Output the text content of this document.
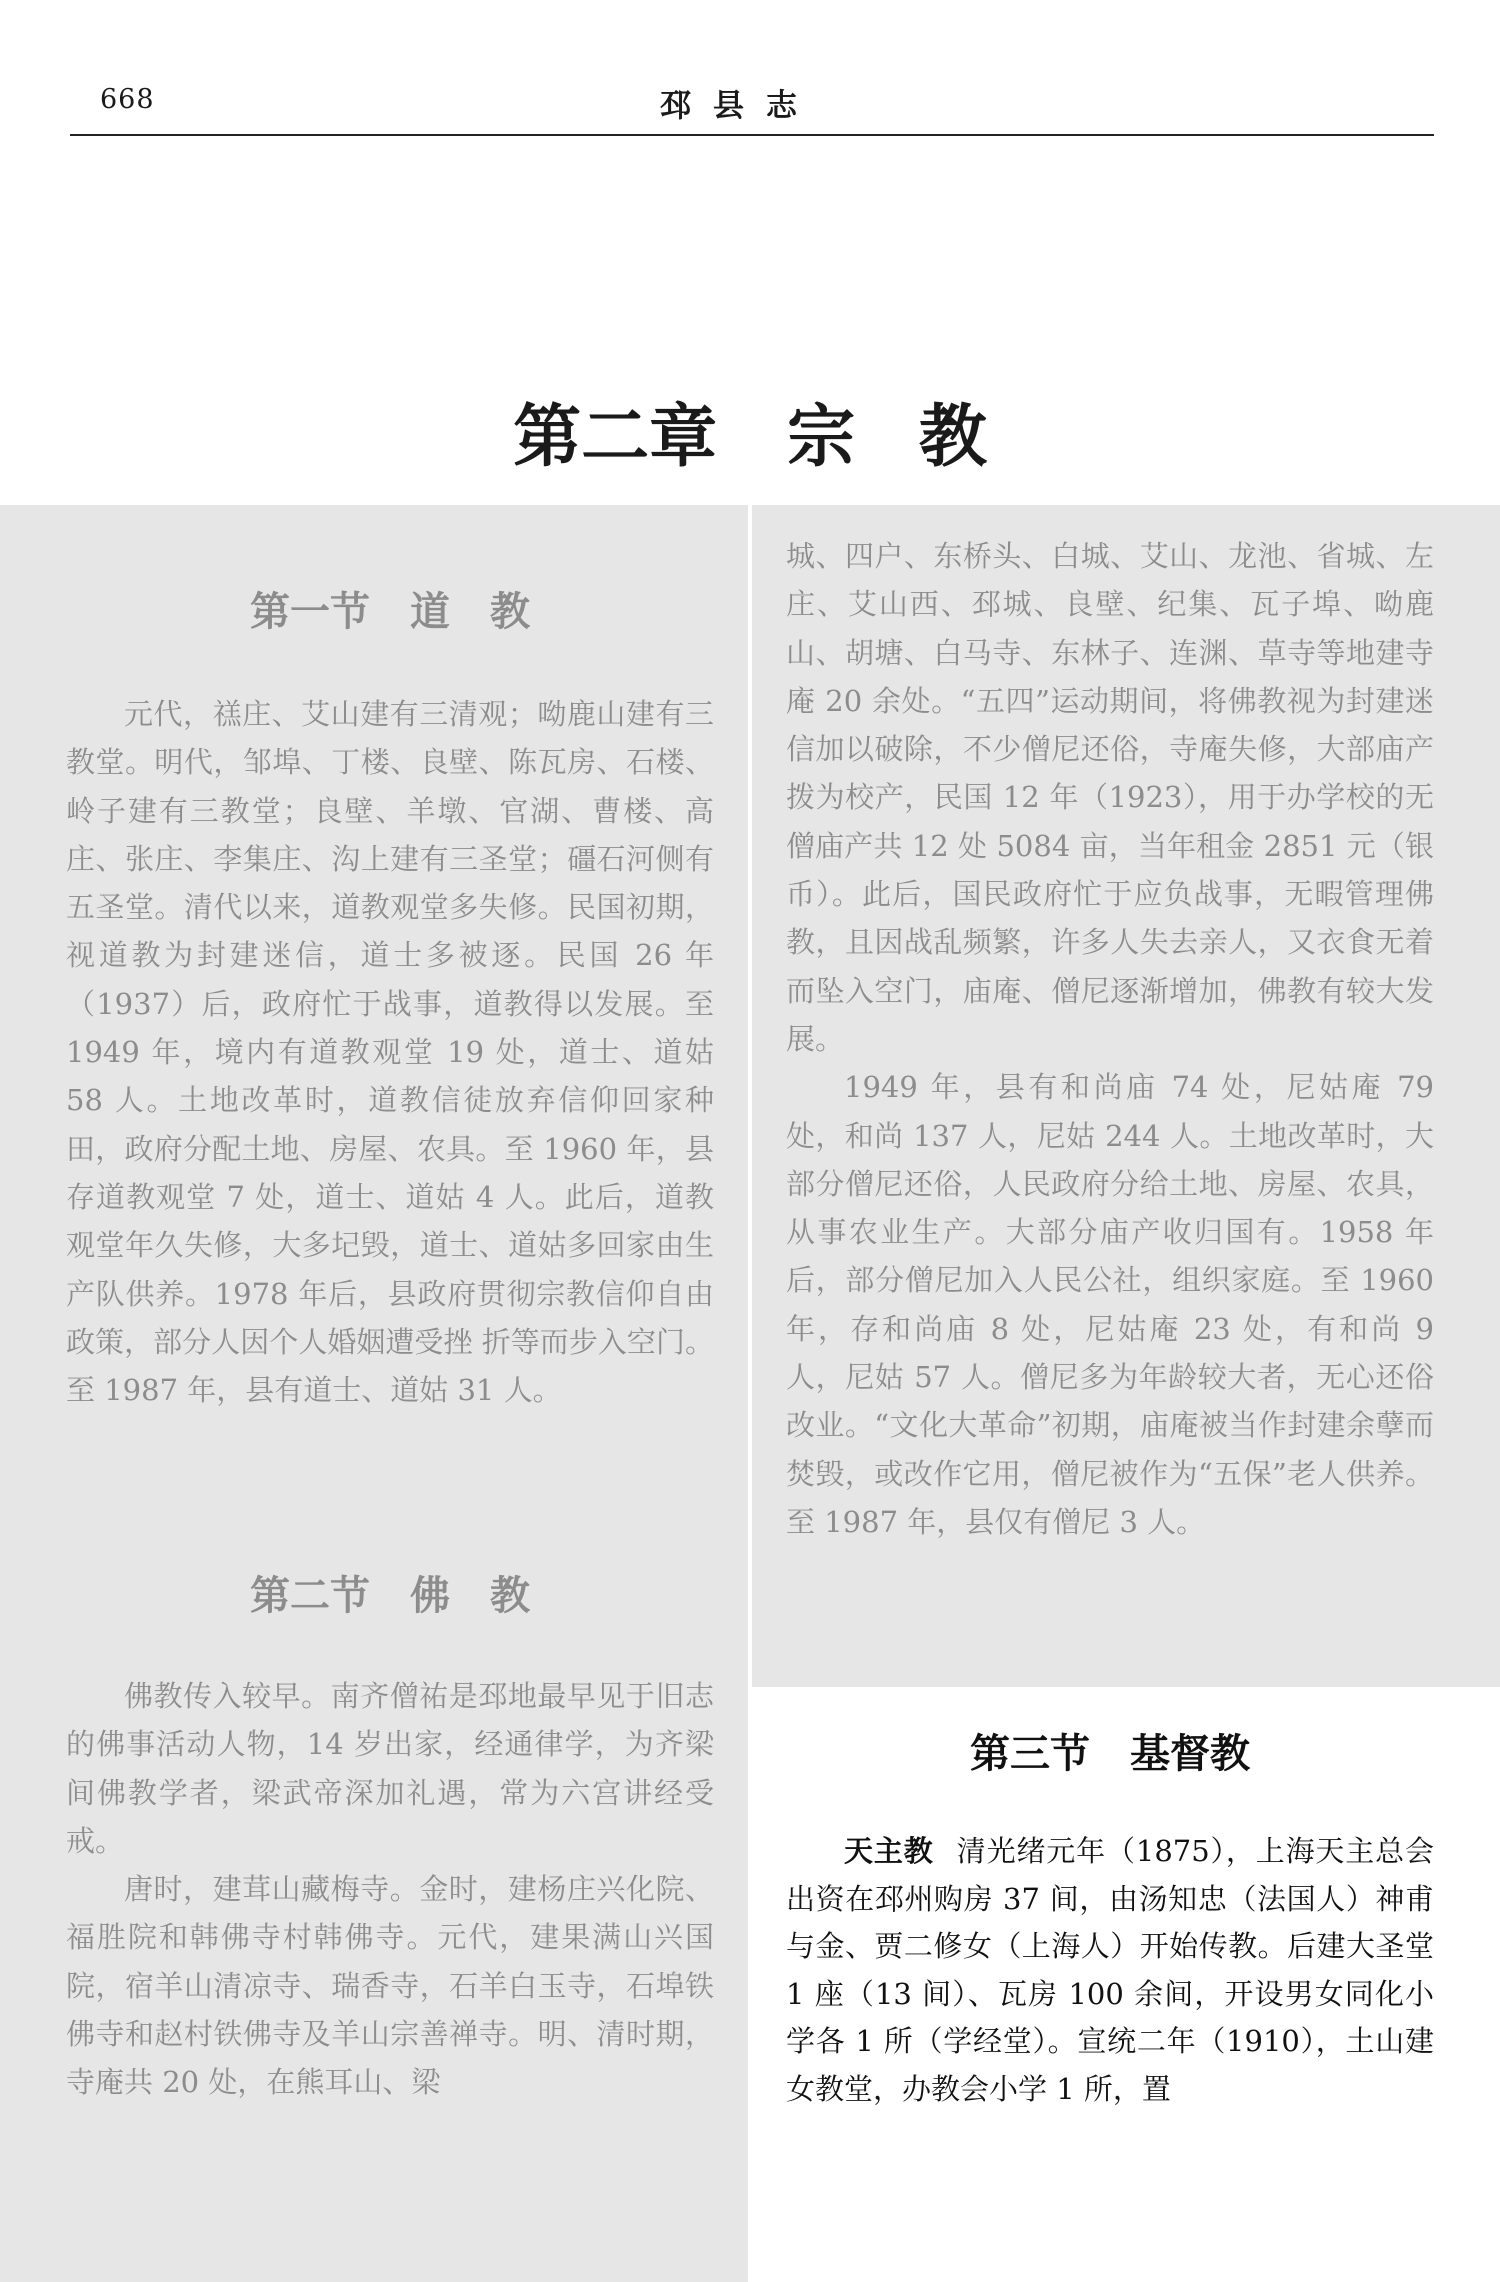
668	邳县志
第二章 宗 教
第一节　道　教

元代，禚庄、艾山建有三清观；呦鹿山建有三教堂。明代，邹埠、丁楼、良壁、陈瓦房、石楼、岭子建有三教堂；良壁、羊墩、官湖、曹楼、高庄、张庄、李集庄、沟上建有三圣堂；礓石河侧有五圣堂。清代以来，道教观堂多失修。民国初期，视道教为封建迷信，道士多被逐。民国 26 年（1937）后，政府忙于战事，道教得以发展。至 1949 年，境内有道教观堂 19 处，道士、道姑 58 人。土地改革时，道教信徒放弃信仰回家种田，政府分配土地、房屋、农具。至 1960 年，县存道教观堂 7 处，道士、道姑 4 人。此后，道教观堂年久失修，大多圮毁，道士、道姑多回家由生产队供养。1978 年后，县政府贯彻宗教信仰自由政策，部分人因个人婚姻遭受挫 折等而步入空门。至 1987 年，县有道士、道姑 31 人。

第二节　佛　教

佛教传入较早。南齐僧祐是邳地最早见于旧志的佛事活动人物，14 岁出家，经通律学，为齐梁间佛教学者，梁武帝深加礼遇，常为六宫讲经受戒。

唐时，建茸山藏梅寺。金时，建杨庄兴化院、福胜院和韩佛寺村韩佛寺。元代，建果满山兴国院，宿羊山清凉寺、瑞香寺，石羊白玉寺，石埠铁佛寺和赵村铁佛寺及羊山宗善禅寺。明、清时期，寺庵共 20 处，在熊耳山、梁

城、四户、东桥头、白城、艾山、龙池、省城、左庄、艾山西、邳城、良壁、纪集、瓦子埠、呦鹿山、胡塘、白马寺、东林子、连渊、草寺等地建寺庵 20 余处。“五四”运动期间，将佛教视为封建迷信加以破除，不少僧尼还俗，寺庵失修，大部庙产拨为校产，民国 12 年（1923），用于办学校的无僧庙产共 12 处 5084 亩，当年租金 2851 元（银币）。此后，国民政府忙于应负战事，无暇管理佛教，且因战乱频繁，许多人失去亲人，又衣食无着而坠入空门，庙庵、僧尼逐渐增加，佛教有较大发展。

1949 年，县有和尚庙 74 处，尼姑庵 79 处，和尚 137 人，尼姑 244 人。土地改革时，大部分僧尼还俗，人民政府分给土地、房屋、农具，从事农业生产。大部分庙产收归国有。1958 年后，部分僧尼加入人民公社，组织家庭。至 1960 年，存和尚庙 8 处，尼姑庵 23 处，有和尚 9 人，尼姑 57 人。僧尼多为年龄较大者，无心还俗改业。“文化大革命”初期，庙庵被当作封建余孽而焚毁，或改作它用，僧尼被作为“五保”老人供养。至 1987 年，县仅有僧尼 3 人。

第三节　基督教

天主教 清光绪元年（1875），上海天主总会出资在邳州购房 37 间，由汤知忠（法国人）神甫与金、贾二修女（上海人）开始传教。后建大圣堂 1 座（13 间）、瓦房 100 余间，开设男女同化小学各 1 所（学经堂）。宣统二年（1910），土山建女教堂，办教会小学 1 所，置
